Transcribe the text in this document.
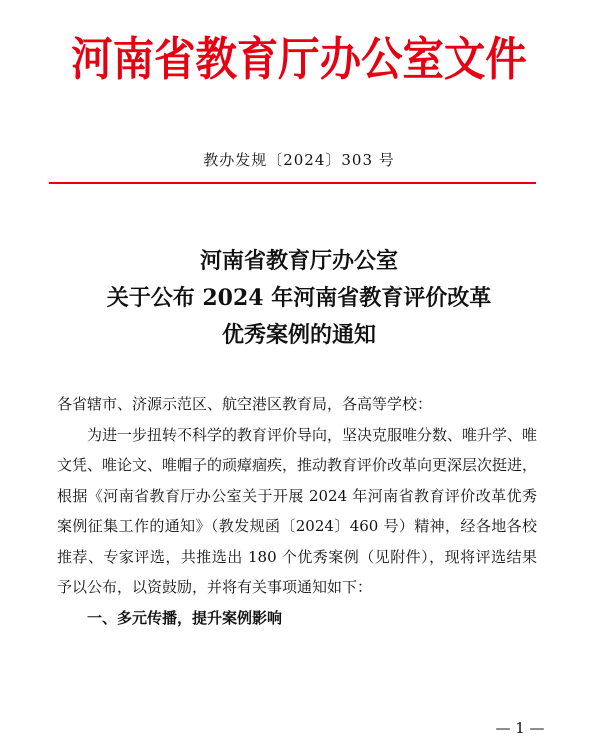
河南省教育厅办公室文件
教办发规〔2024〕303 号
河南省教育厅办公室
关于公布 2024 年河南省教育评价改革
优秀案例的通知

各省辖市、济源示范区、航空港区教育局，各高等学校：

为进一步扭转不科学的教育评价导向，坚决克服唯分数、唯升学、唯文凭、唯论文、唯帽子的顽瘴痼疾，推动教育评价改革向更深层次挺进，根据《河南省教育厅办公室关于开展 2024 年河南省教育评价改革优秀案例征集工作的通知》（教发规函〔2024〕460 号）精神，经各地各校推荐、专家评选，共推选出 180 个优秀案例（见附件），现将评选结果予以公布，以资鼓励，并将有关事项通知如下：

一、多元传播，提升案例影响

— 1 —
